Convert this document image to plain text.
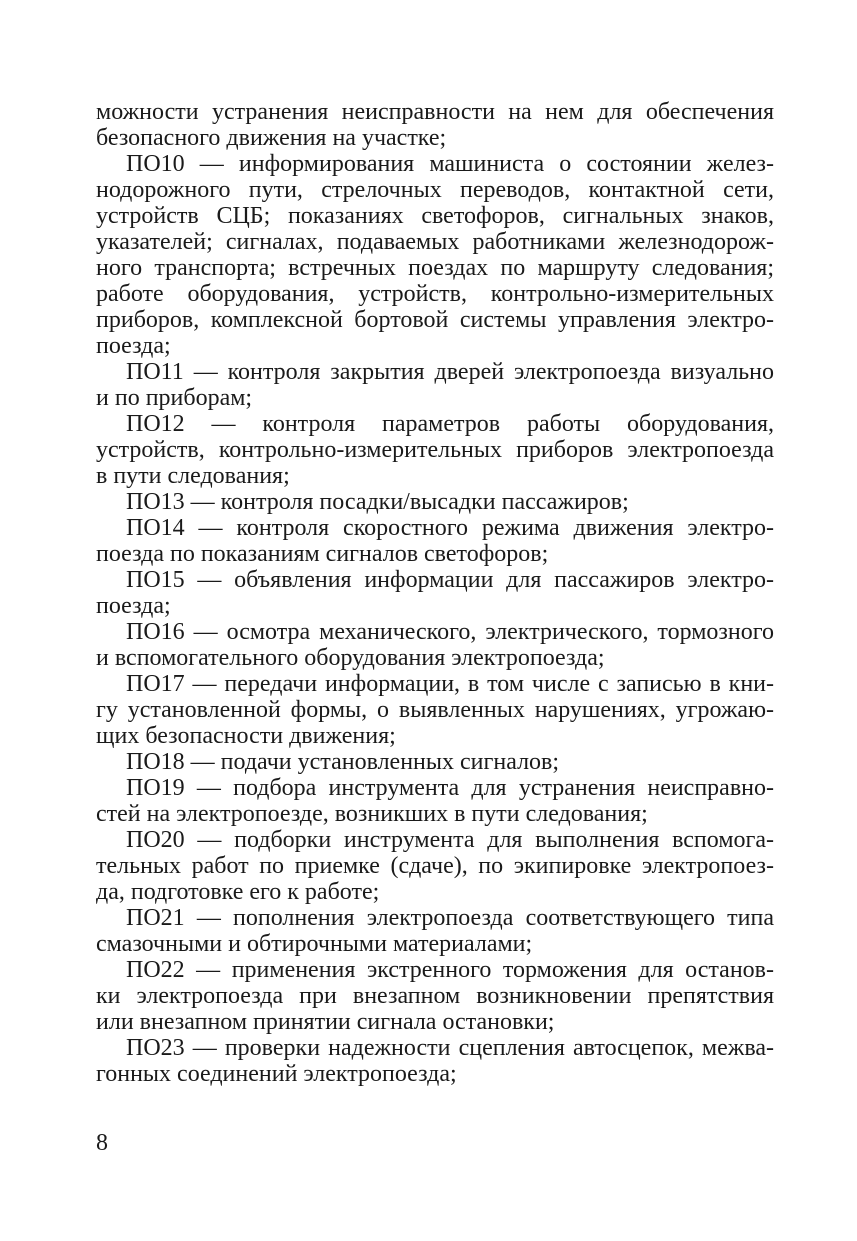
можности устранения неисправности на нем для обеспечения
безопасного движения на участке;
ПО10 — информирования машиниста о состоянии желез-
нодорожного пути, стрелочных переводов, контактной сети,
устройств СЦБ; показаниях светофоров, сигнальных знаков,
указателей; сигналах, подаваемых работниками железнодорож-
ного транспорта; встречных поездах по маршруту следования;
работе оборудования, устройств, контрольно-измерительных
приборов, комплексной бортовой системы управления электро-
поезда;
ПО11 — контроля закрытия дверей электропоезда визуально
и по приборам;
ПО12 — контроля параметров работы оборудования,
устройств, контрольно-измерительных приборов электропоезда
в пути следования;
ПО13 — контроля посадки/высадки пассажиров;
ПО14 — контроля скоростного режима движения электро-
поезда по показаниям сигналов светофоров;
ПО15 — объявления информации для пассажиров электро-
поезда;
ПО16 — осмотра механического, электрического, тормозного
и вспомогательного оборудования электропоезда;
ПО17 — передачи информации, в том числе с записью в кни-
гу установленной формы, о выявленных нарушениях, угрожаю-
щих безопасности движения;
ПО18 — подачи установленных сигналов;
ПО19 — подбора инструмента для устранения неисправно-
стей на электропоезде, возникших в пути следования;
ПО20 — подборки инструмента для выполнения вспомога-
тельных работ по приемке (сдаче), по экипировке электропоез-
да, подготовке его к работе;
ПО21 — пополнения электропоезда соответствующего типа
смазочными и обтирочными материалами;
ПО22 — применения экстренного торможения для останов-
ки электропоезда при внезапном возникновении препятствия
или внезапном принятии сигнала остановки;
ПО23 — проверки надежности сцепления автосцепок, межва-
гонных соединений электропоезда;
8
